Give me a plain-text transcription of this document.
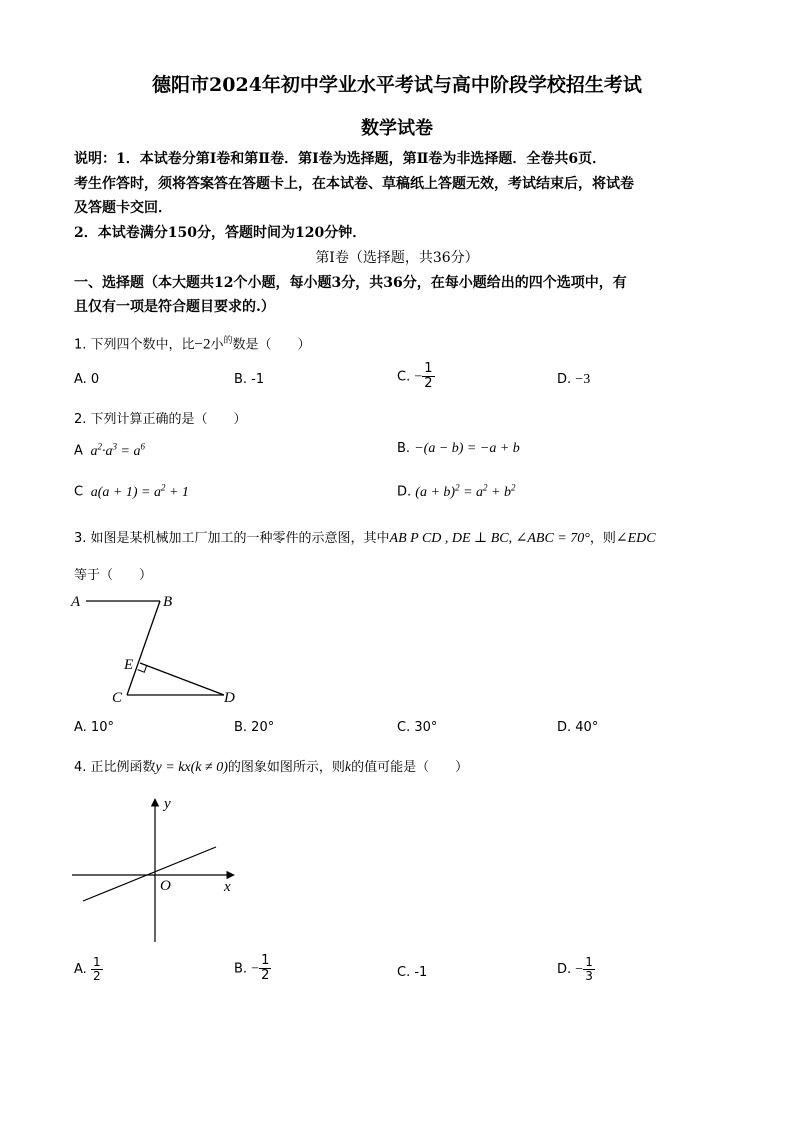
德阳市2024年初中学业水平考试与高中阶段学校招生考试
数学试卷
说明：1．本试卷分第Ⅰ卷和第Ⅱ卷．第Ⅰ卷为选择题，第Ⅱ卷为非选择题．全卷共6页．
考生作答时，须将答案答在答题卡上，在本试卷、草稿纸上答题无效，考试结束后，将试卷
及答题卡交回．
2．本试卷满分150分，答题时间为120分钟．
第Ⅰ卷（选择题，共36分）
一、选择题（本大题共12个小题，每小题3分，共36分，在每小题给出的四个选项中，有
且仅有一项是符合题目要求的.）
1. 下列四个数中，比−2小$^的$数是（　　）
A. 0	B. -1	C. − $\frac{1}{2}$	D. −3
2. 下列计算正确的是（　　）
A  $a^2\cdot a^3 = a^6$	B. −(a − b) = −a + b
C  $a(a + 1) = a^2 + 1$	D. $(a + b)^2 = a^2 + b^2$
3. 如图是某机械加工厂加工的一种零件的示意图，其中AB P CD , DE ⊥ BC, ∠ABC = 70°，则∠EDC
等于（　　）
A	B
E
C	D
A. 10°	B. 20°	C. 30°	D. 40°
4. 正比例函数y = kx(k ≠ 0)的图象如图所示，则k的值可能是（　　）
y
x
O
A. $\frac{1}{2}$	B. − $\frac{1}{2}$	C. -1	D. − $\frac{1}{3}$
